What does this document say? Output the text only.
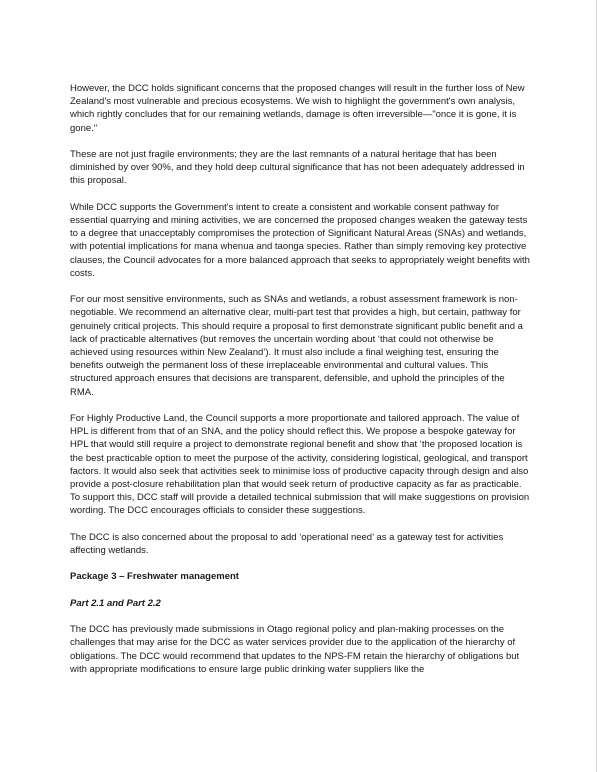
However, the DCC holds significant concerns that the proposed changes will result in the further loss of New Zealand’s most vulnerable and precious ecosystems. We wish to highlight the government's own analysis, which rightly concludes that for our remaining wetlands, damage is often irreversible—"once it is gone, it is gone."

These are not just fragile environments; they are the last remnants of a natural heritage that has been diminished by over 90%, and they hold deep cultural significance that has not been adequately addressed in this proposal.

While DCC supports the Government's intent to create a consistent and workable consent pathway for essential quarrying and mining activities, we are concerned the proposed changes weaken the gateway tests to a degree that unacceptably compromises the protection of Significant Natural Areas (SNAs) and wetlands, with potential implications for mana whenua and taonga species. Rather than simply removing key protective clauses, the Council advocates for a more balanced approach that seeks to appropriately weight benefits with costs.

For our most sensitive environments, such as SNAs and wetlands, a robust assessment framework is non-negotiable. We recommend an alternative clear, multi-part test that provides a high, but certain, pathway for genuinely critical projects. This should require a proposal to first demonstrate significant public benefit and a lack of practicable alternatives (but removes the uncertain wording about ‘that could not otherwise be achieved using resources within New Zealand’). It must also include a final weighing test, ensuring the benefits outweigh the permanent loss of these irreplaceable environmental and cultural values. This structured approach ensures that decisions are transparent, defensible, and uphold the principles of the RMA.

For Highly Productive Land, the Council supports a more proportionate and tailored approach. The value of HPL is different from that of an SNA, and the policy should reflect this. We propose a bespoke gateway for HPL that would still require a project to demonstrate regional benefit and show that ‘the proposed location is the best practicable option to meet the purpose of the activity, considering logistical, geological, and transport factors. It would also seek that activities seek to minimise loss of productive capacity through design and also provide a post-closure rehabilitation plan that would seek return of productive capacity as far as practicable. To support this, DCC staff will provide a detailed technical submission that will make suggestions on provision wording. The DCC encourages officials to consider these suggestions.

The DCC is also concerned about the proposal to add ‘operational need’ as a gateway test for activities affecting wetlands.

Package 3 – Freshwater management

Part 2.1 and Part 2.2

The DCC has previously made submissions in Otago regional policy and plan-making processes on the challenges that may arise for the DCC as water services provider due to the application of the hierarchy of obligations. The DCC would recommend that updates to the NPS-FM retain the hierarchy of obligations but with appropriate modifications to ensure large public drinking water suppliers like the
